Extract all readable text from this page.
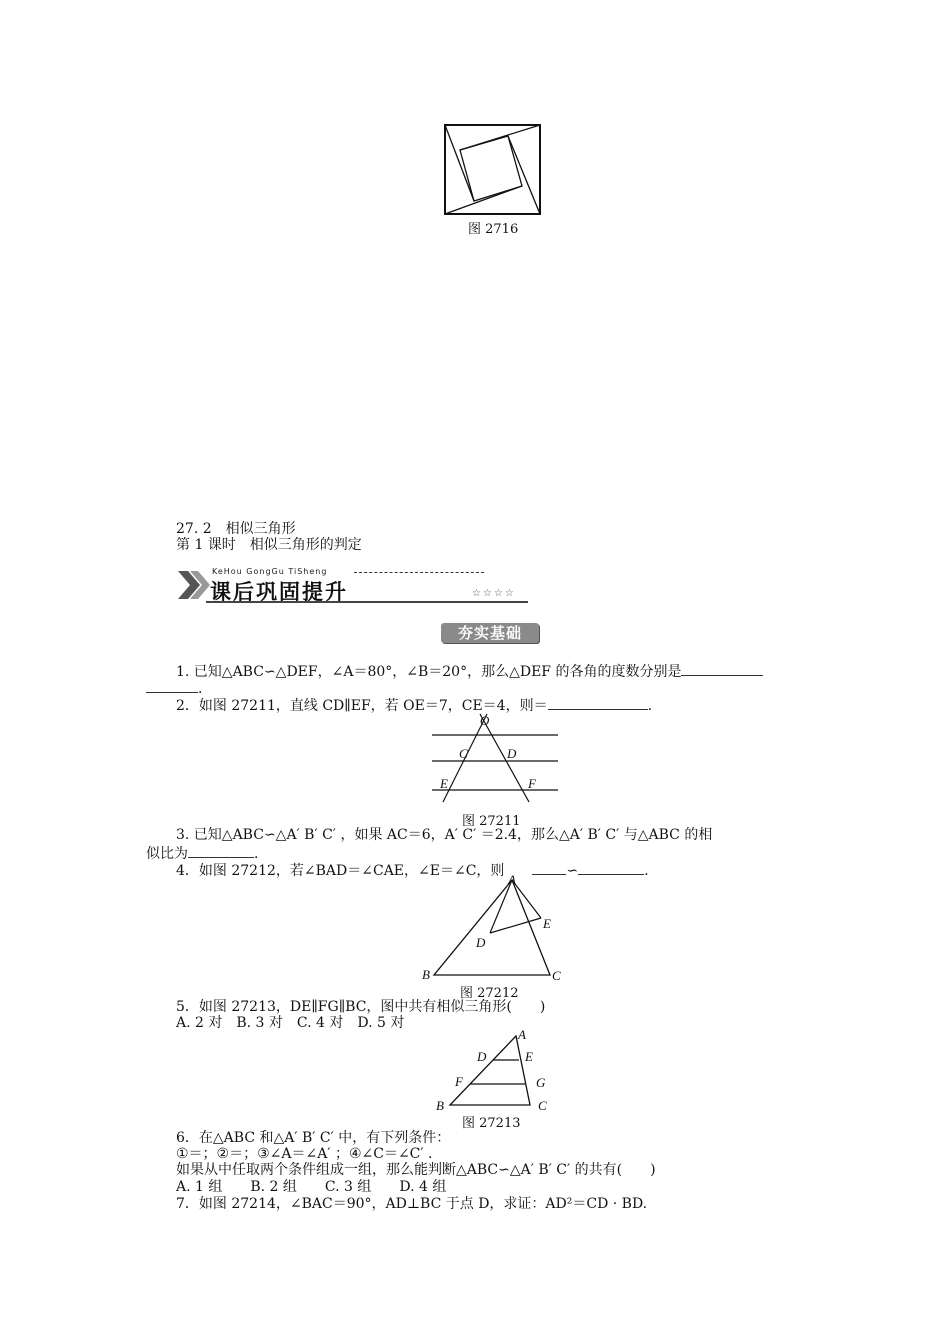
图 2716
27. 2　相似三角形
第 1 课时　相似三角形的判定
KeHou GongGu TiSheng
课后巩固提升	☆☆☆☆
夯实基础
1. 已知△ABC∽△DEF，∠A＝80°，∠B＝20°，那么△DEF 的各角的度数分别是
.
2．如图 27211，直线 CD∥EF，若 OE＝7，CE＝4，则＝	.
O
C	D
E	F
图 27211
3. 已知△ABC∽△A′ B′ C′ ，如果 AC＝6，A′ C′ ＝2.4，那么△A′ B′ C′ 与△ABC 的相
似比为	.
4．如图 27212，若∠BAD＝∠CAE，∠E＝∠C，则	∽	.
A
B	C
D
E
图 27212
5．如图 27213，DE∥FG∥BC，图中共有相似三角形(　　)
A. 2 对　B. 3 对　C. 4 对　D. 5 对
A
B	C
D	E
F	G
图 27213
6．在△ABC 和△A′ B′ C′ 中，有下列条件：
①＝；②＝；③∠A＝∠A′ ；④∠C＝∠C′ .
如果从中任取两个条件组成一组，那么能判断△ABC∽△A′ B′ C′ 的共有(　　)
A. 1 组　　B. 2 组　　C. 3 组　　D. 4 组
7．如图 27214，∠BAC＝90°，AD⊥BC 于点 D，求证：AD²＝CD · BD.
